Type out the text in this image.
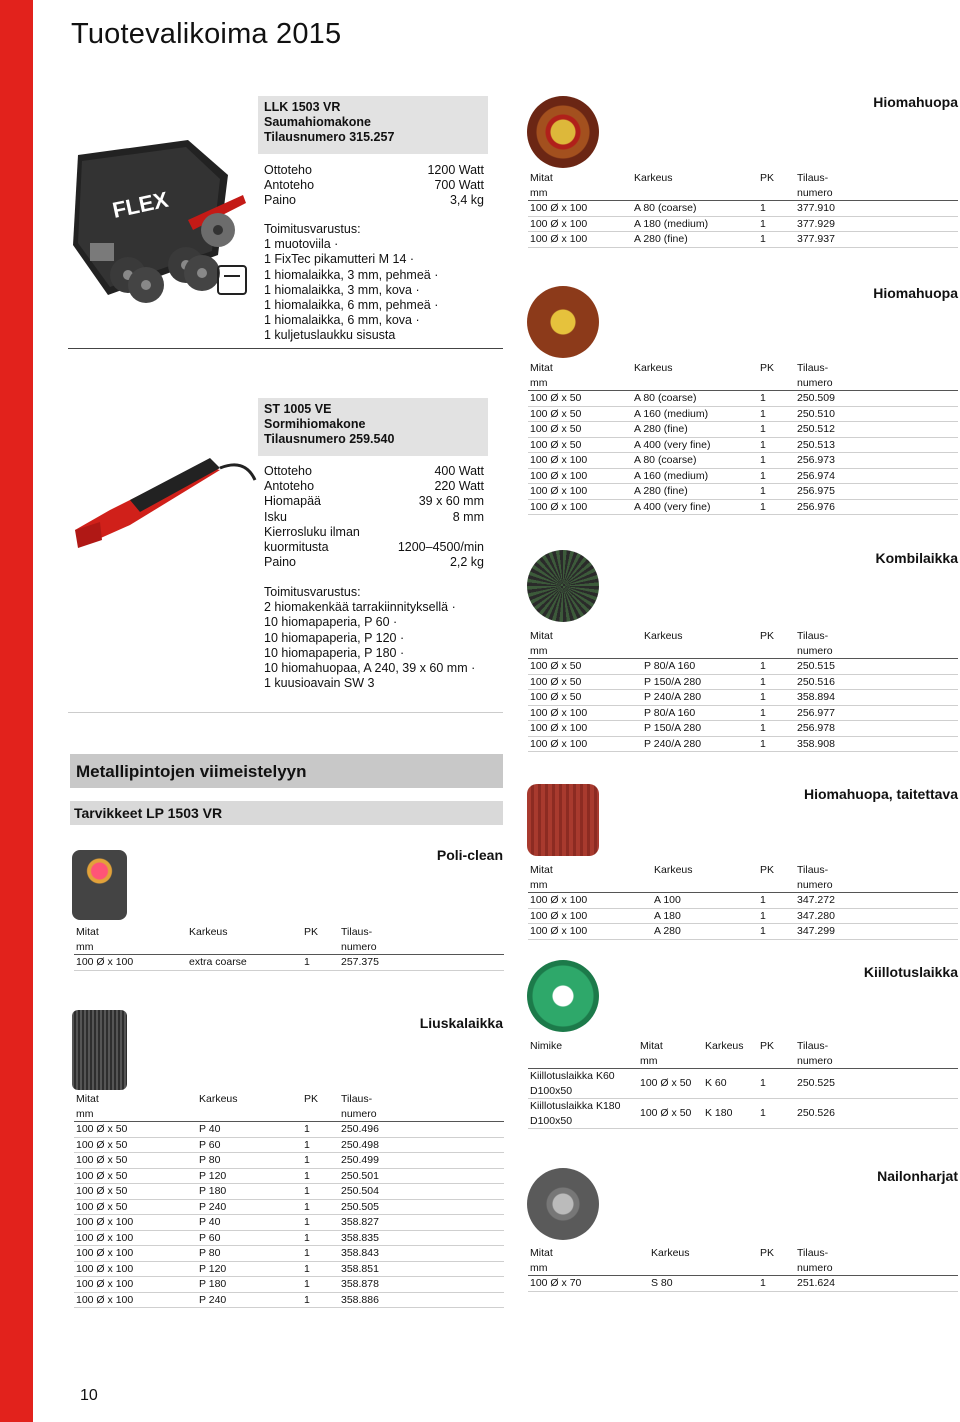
Tuotevalikoima 2015
FLEX
LLK 1503 VR
Saumahiomakone
Tilausnumero 315.257
Ottoteho	1200 Watt
Antoteho	700 Watt
Paino	3,4 kg
Toimitusvarustus:
1 muotoviila ·
1 FixTec pikamutteri M 14 ·
1 hiomalaikka, 3 mm, pehmeä ·
1 hiomalaikka, 3 mm, kova ·
1 hiomalaikka, 6 mm, pehmeä ·
1 hiomalaikka, 6 mm, kova ·
1 kuljetuslaukku sisusta
ST 1005 VE
Sormihiomakone
Tilausnumero 259.540
Ottoteho	400 Watt
Antoteho	220 Watt
Hiomapää	39 x 60 mm
Isku	8 mm
Kierrosluku ilman
kuormitusta	1200–4500/min
Paino	2,2 kg
Toimitusvarustus:
2 hiomakenkää tarrakiinnityksellä ·
10 hiomapaperia, P 60 ·
10 hiomapaperia, P 120 ·
10 hiomapaperia, P 180 ·
10 hiomahuopaa, A 240, 39 x 60 mm ·
1 kuusioavain SW 3
Metallipintojen viimeistelyyn
Tarvikkeet LP 1503 VR
Poli-clean
Mitat	Karkeus	PK	Tilaus-
mm			numero
100 Ø x 100	extra coarse	1	257.375
Liuskalaikka
Mitat	Karkeus	PK	Tilaus-
mm			numero
100 Ø x 50	P 40	1	250.496
100 Ø x 50	P 60	1	250.498
100 Ø x 50	P 80	1	250.499
100 Ø x 50	P 120	1	250.501
100 Ø x 50	P 180	1	250.504
100 Ø x 50	P 240	1	250.505
100 Ø x 100	P 40	1	358.827
100 Ø x 100	P 60	1	358.835
100 Ø x 100	P 80	1	358.843
100 Ø x 100	P 120	1	358.851
100 Ø x 100	P 180	1	358.878
100 Ø x 100	P 240	1	358.886
Hiomahuopa
Mitat	Karkeus	PK	Tilaus-
mm			numero
100 Ø x 100	A 80 (coarse)	1	377.910
100 Ø x 100	A 180 (medium)	1	377.929
100 Ø x 100	A 280 (fine)	1	377.937
Hiomahuopa
Mitat	Karkeus	PK	Tilaus-
mm			numero
100 Ø x 50	A 80 (coarse)	1	250.509
100 Ø x 50	A 160 (medium)	1	250.510
100 Ø x 50	A 280 (fine)	1	250.512
100 Ø x 50	A 400 (very fine)	1	250.513
100 Ø x 100	A 80 (coarse)	1	256.973
100 Ø x 100	A 160 (medium)	1	256.974
100 Ø x 100	A 280 (fine)	1	256.975
100 Ø x 100	A 400 (very fine)	1	256.976
Kombilaikka
Mitat	Karkeus	PK	Tilaus-
mm			numero
100 Ø x 50	P 80/A 160	1	250.515
100 Ø x 50	P 150/A 280	1	250.516
100 Ø x 50	P 240/A 280	1	358.894
100 Ø x 100	P 80/A 160	1	256.977
100 Ø x 100	P 150/A 280	1	256.978
100 Ø x 100	P 240/A 280	1	358.908
Hiomahuopa, taitettava
Mitat	Karkeus	PK	Tilaus-
mm			numero
100 Ø x 100	A 100	1	347.272
100 Ø x 100	A 180	1	347.280
100 Ø x 100	A 280	1	347.299
Kiillotuslaikka
Nimike	Mitat	Karkeus	PK	Tilaus-
	mm			numero

Kiillotuslaikka K60
D100x50	100 Ø x 50	K 60	1	250.525

Kiillotuslaikka K180
D100x50	100 Ø x 50	K 180	1	250.526
Nailonharjat
Mitat	Karkeus	PK	Tilaus-
mm			numero
100 Ø x 70	S 80	1	251.624
10
